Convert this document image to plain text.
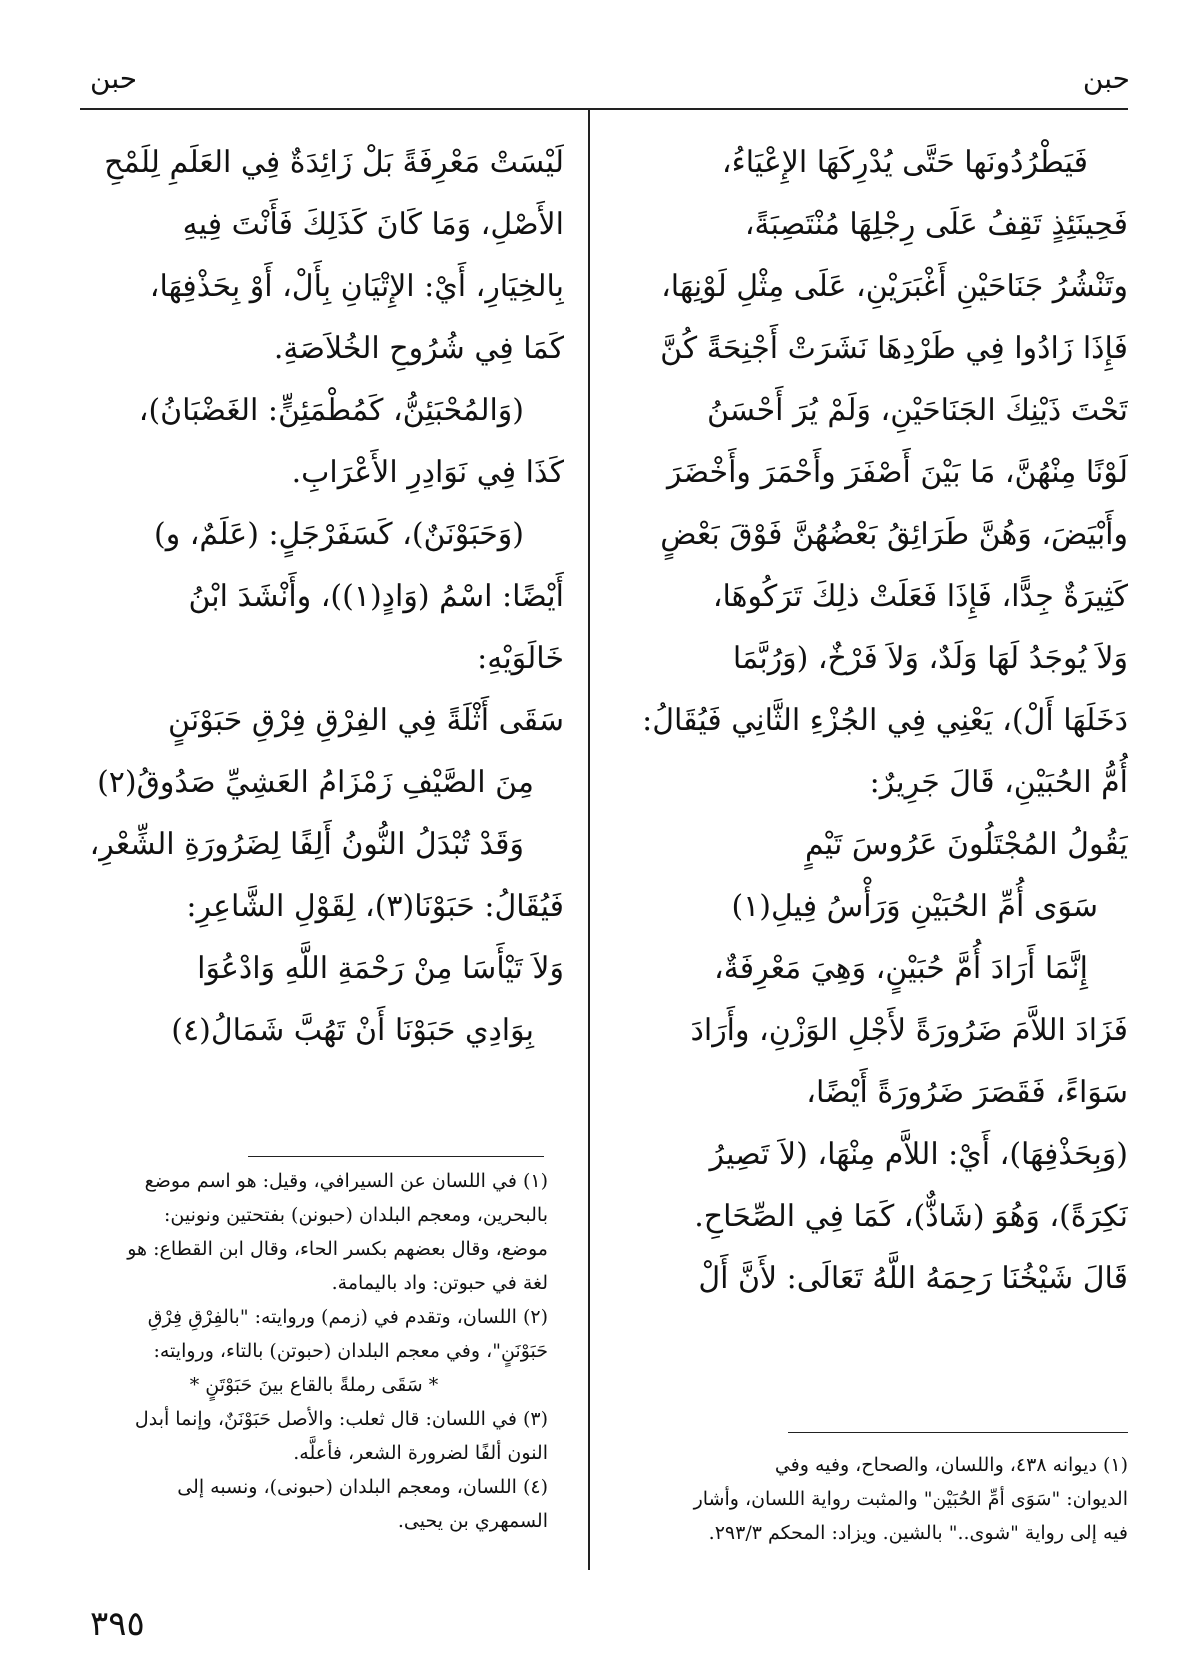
حبن
حبن
فَيَطْرُدُونَها حَتَّى يُدْرِكَهَا الإِعْيَاءُ،
فَحِينَئِذٍ تَقِفُ عَلَى رِجْلِهَا مُنْتَصِبَةً،
وتَنْشُرُ جَنَاحَيْنِ أَغْبَرَيْنِ، عَلَى مِثْلِ لَوْنِهَا،
فَإِذَا زَادُوا فِي طَرْدِهَا نَشَرَتْ أَجْنِحَةً كُنَّ
تَحْتَ ذَيْنِكَ الجَنَاحَيْنِ، وَلَمْ يُرَ أَحْسَنُ
لَوْنًا مِنْهُنَّ، مَا بَيْنَ أَصْفَرَ وأَحْمَرَ وأَخْضَرَ
وأَبْيَضَ، وَهُنَّ طَرَائِقُ بَعْضُهُنَّ فَوْقَ بَعْضٍ
كَثِيرَةٌ جِدًّا، فَإِذَا فَعَلَتْ ذلِكَ تَرَكُوهَا،
وَلاَ يُوجَدُ لَهَا وَلَدٌ، وَلاَ فَرْخٌ، (وَرُبَّمَا
دَخَلَهَا أَلْ)، يَعْنِي فِي الجُزْءِ الثَّانِي فَيُقَالُ:
أُمُّ الحُبَيْنِ، قَالَ جَرِيرٌ:
يَقُولُ المُجْتَلُونَ عَرُوسَ تَيْمٍ
سَوَى أُمِّ الحُبَيْنِ وَرَأْسُ فِيلِ(١)
إِنَّمَا أَرَادَ أُمَّ حُبَيْنٍ، وَهِيَ مَعْرِفَةٌ،
فَزَادَ اللاَّمَ ضَرُورَةً لأَجْلِ الوَزْنِ، وأَرَادَ
سَوَاءً، فَقَصَرَ ضَرُورَةً أَيْضًا،
(وَبِحَذْفِهَا)، أَيْ: اللاَّم مِنْهَا، (لاَ تَصِيرُ
نَكِرَةً)، وَهُوَ (شَاذٌّ)، كَمَا فِي الصِّحَاحِ.
قَالَ شَيْخُنَا رَحِمَهُ اللَّهُ تَعَالَى: لأَنَّ أَلْ
لَيْسَتْ مَعْرِفَةً بَلْ زَائِدَةٌ فِي العَلَمِ لِلَمْحِ
الأَصْلِ، وَمَا كَانَ كَذَلِكَ فَأَنْتَ فِيهِ
بِالخِيَارِ، أَيْ: الإِتْيَانِ بِأَلْ، أَوْ بِحَذْفِهَا،
كَمَا فِي شُرُوحِ الخُلاَصَةِ.
(وَالمُحْبَئِنُّ، كَمُطْمَئِنٍّ: الغَضْبَانُ)،
كَذَا فِي نَوَادِرِ الأَعْرَابِ.
(وَحَبَوْنَنٌ)، كَسَفَرْجَلٍ: (عَلَمٌ، و)
أَيْضًا: اسْمُ (وَادٍ(١))، وأَنْشَدَ ابْنُ
خَالَوَيْهِ:
سَقَى أَثْلَةً فِي الفِرْقِ فِرْقِ حَبَوْنَنٍ
مِنَ الصَّيْفِ زَمْزَامُ العَشِيِّ صَدُوقُ(٢)
وَقَدْ تُبْدَلُ النُّونُ أَلِفًا لِضَرُورَةِ الشِّعْرِ،
فَيُقَالُ: حَبَوْنَا(٣)، لِقَوْلِ الشَّاعِرِ:
وَلاَ تَيْأَسَا مِنْ رَحْمَةِ اللَّهِ وَادْعُوَا
بِوَادِي حَبَوْنَا أَنْ تَهُبَّ شَمَالُ(٤)

(١) ديوانه ٤٣٨، واللسان، والصحاح، وفيه وفي

الديوان: "سَوَى أمِّ الحُبَيْن" والمثبت رواية اللسان، وأشار

فيه إلى رواية "شوى.." بالشين. ويزاد: المحكم ٢٩٣/٣.

(١) في اللسان عن السيرافي، وقيل: هو اسم موضع

بالبحرين، ومعجم البلدان (حبونن) بفتحتين ونونين:

موضع، وقال بعضهم بكسر الحاء، وقال ابن القطاع: هو

لغة في حبوتن: واد باليمامة.

(٢) اللسان، وتقدم في (زمم) وروايته: "بالفِرْقِ فِرْقِ

حَبَوْنَنٍ"، وفي معجم البلدان (حبوتن) بالتاء، وروايته:

* سَقَى رملةً بالقاع بينَ حَبَوْتَنٍ *

(٣) في اللسان: قال ثعلب: والأصل حَبَوْنَنٌ، وإنما أبدل

النون ألفًا لضرورة الشعر، فأعلَّه.

(٤) اللسان، ومعجم البلدان (حبونى)، ونسبه إلى

السمهري بن يحيى.

٣٩٥
